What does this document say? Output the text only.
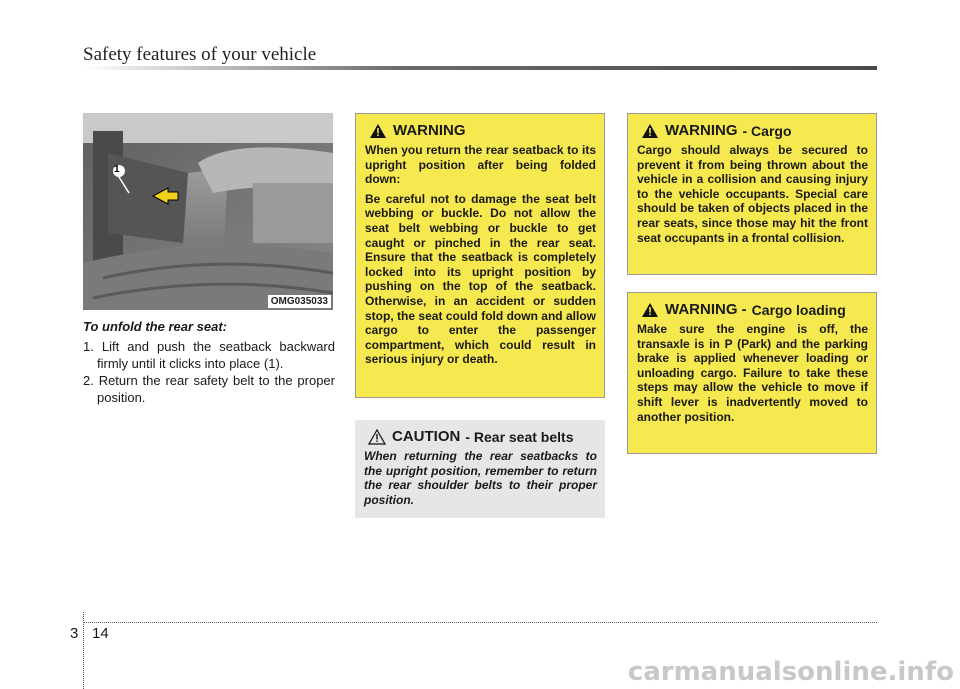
Safety features of your vehicle
1
OMG035033
To unfold the rear seat:
1. Lift and push the seatback backward firmly until it clicks into place (1).
2. Return the rear safety belt to the proper position.
WARNING

When you return the rear seatback to its upright position after being folded down:

Be careful not to damage the seat belt webbing or buckle. Do not allow the seat belt webbing or buckle to get caught or pinched in the rear seat. Ensure that the seatback is completely locked into its upright position by pushing on the top of the seatback. Otherwise, in an accident or sudden stop, the seat could fold down and allow cargo to enter the passenger compartment, which could result in serious injury or death.

CAUTION - Rear seat belts

When returning the rear seatbacks to the upright position, remember to return the rear shoulder belts to their proper position.

WARNING - Cargo

Cargo should always be secured to prevent it from being thrown about the vehicle in a collision and causing injury to the vehicle occupants. Special care should be taken of objects placed in the rear seats, since those may hit the front seat occupants in a frontal collision.

WARNING - Cargo loading

Make sure the engine is off, the transaxle is in P (Park) and the parking brake is applied whenever loading or unloading cargo. Failure to take these steps may allow the vehicle to move if shift lever is inadvertently moved to another position.

3 14
carmanualsonline.info
